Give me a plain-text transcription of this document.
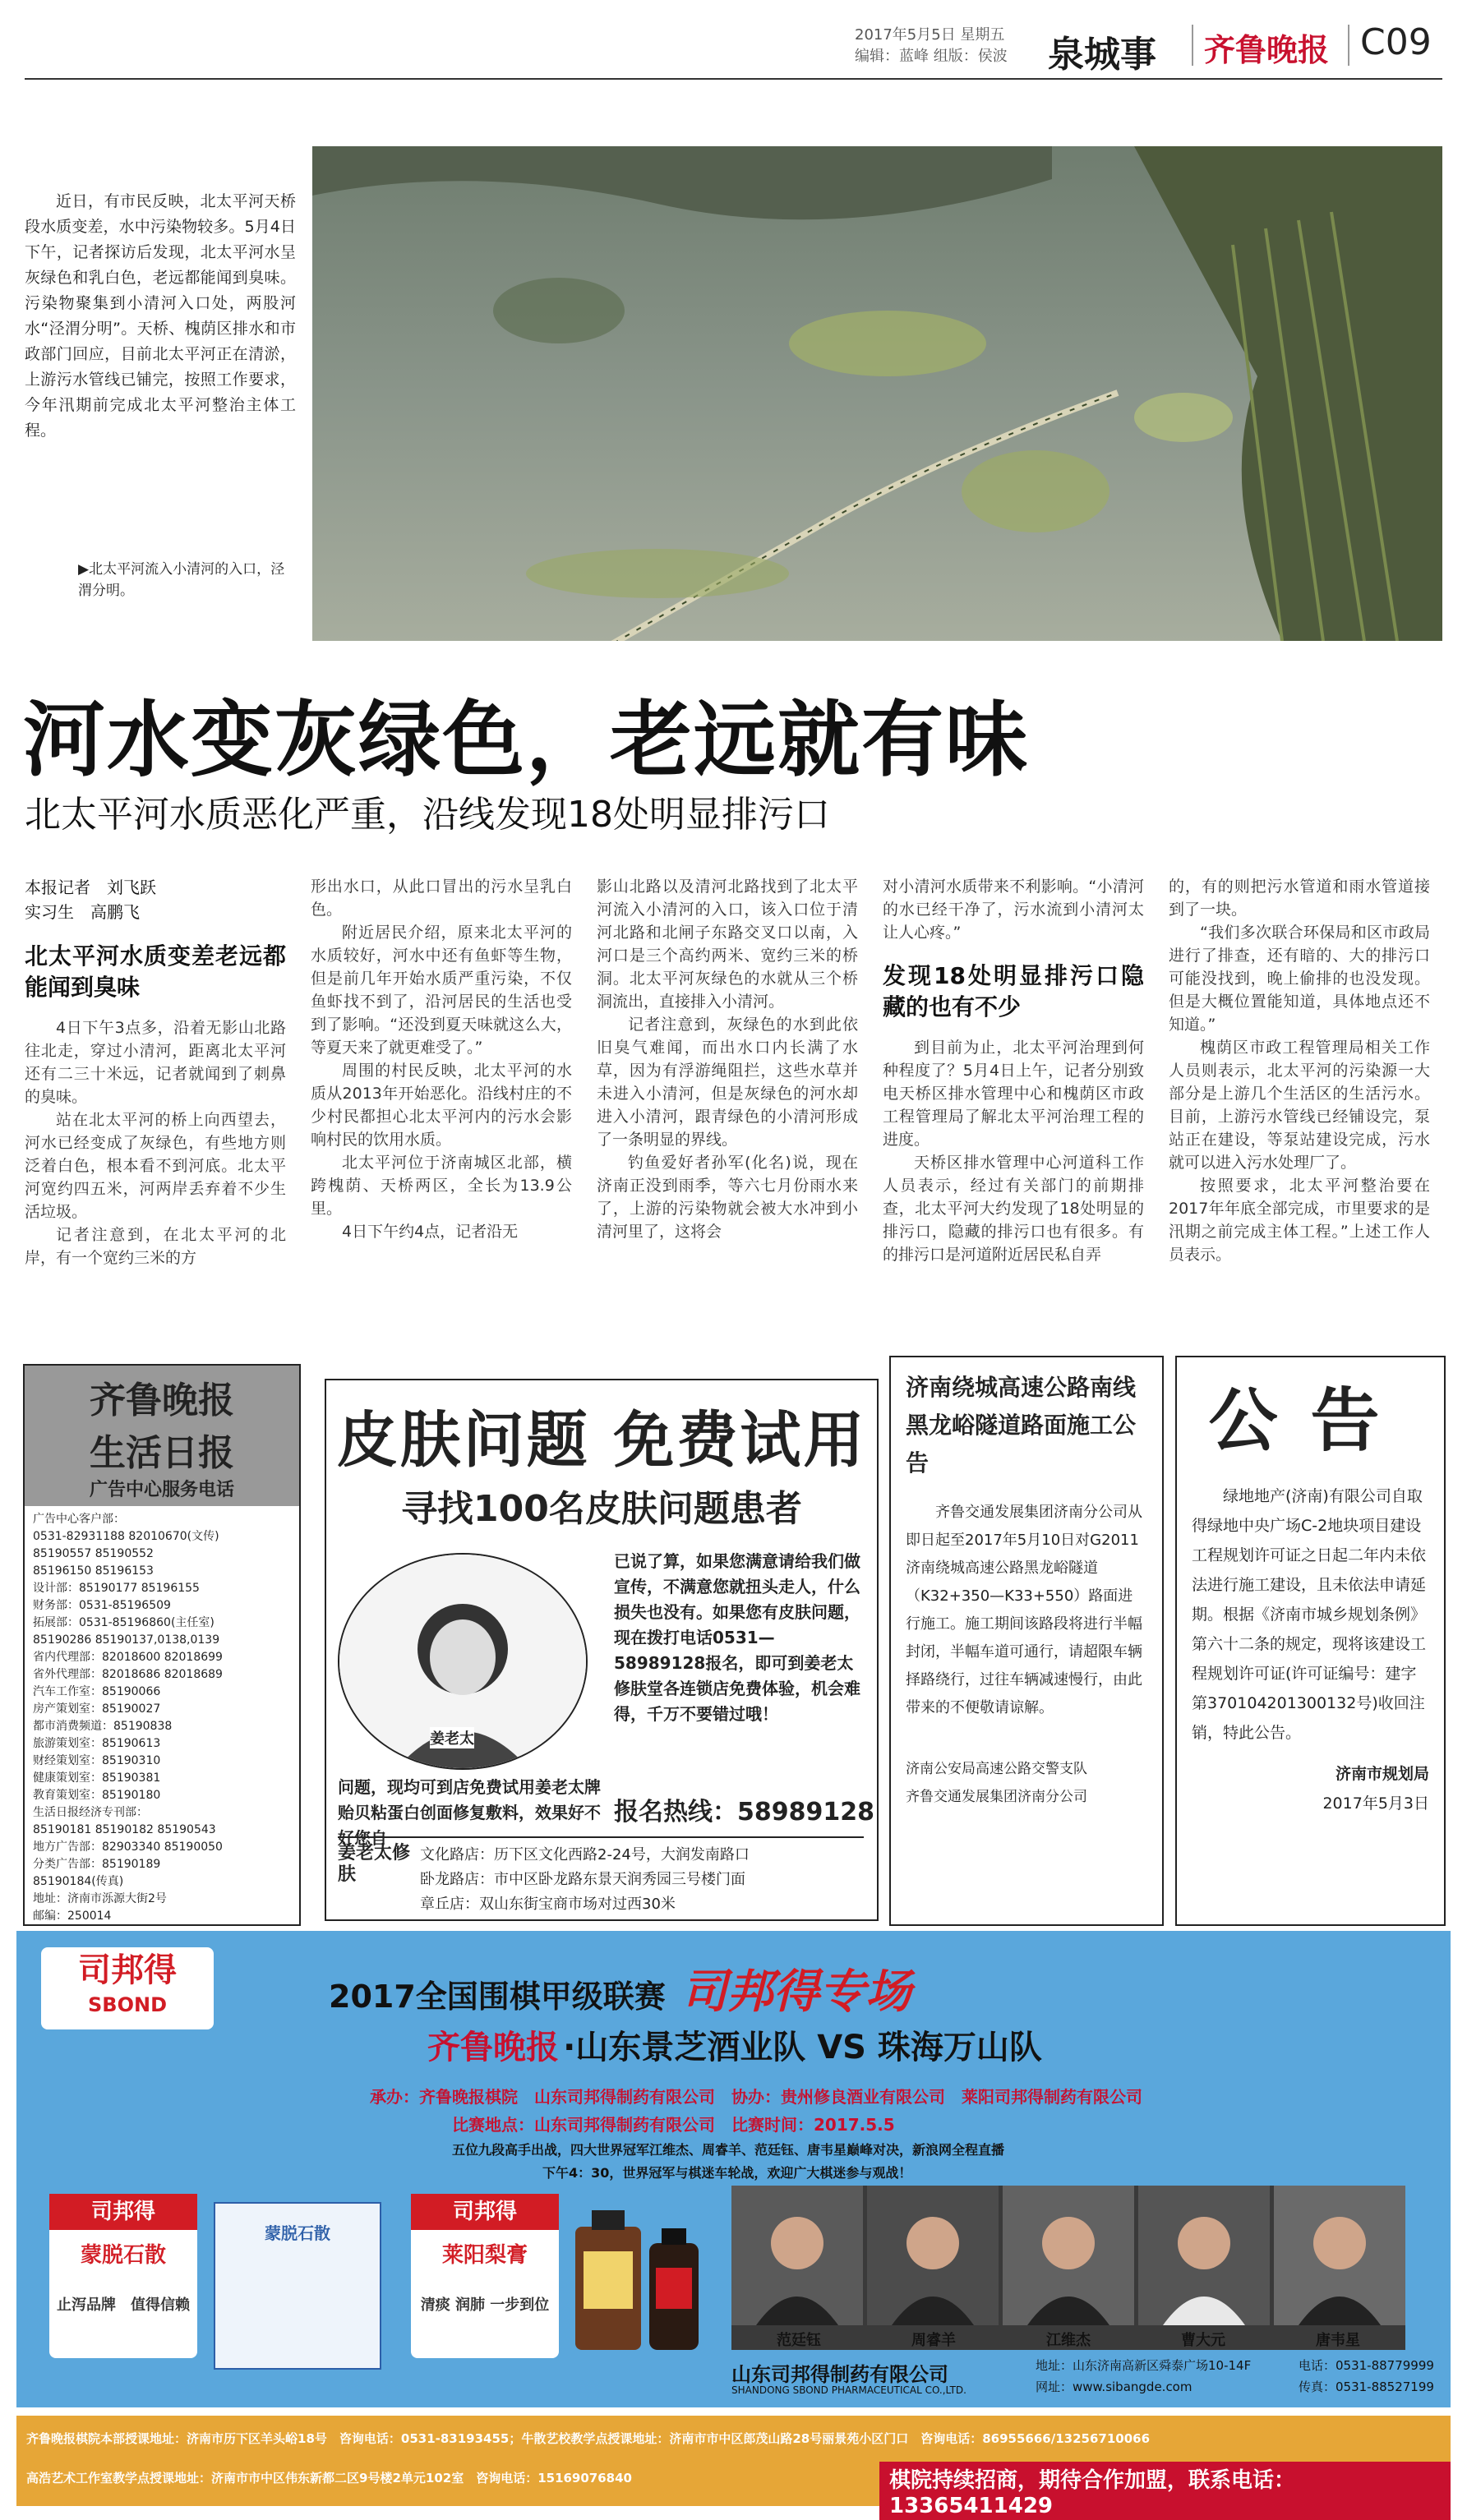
2017年5月5日 星期五
编辑：蓝峰 组版：侯波 泉城事 齐鲁晚报 C09
近日，有市民反映，北太平河天桥段水质变差，水中污染物较多。5月4日下午，记者探访后发现，北太平河水呈灰绿色和乳白色，老远都能闻到臭味。污染物聚集到小清河入口处，两股河水“泾渭分明”。天桥、槐荫区排水和市政部门回应，目前北太平河正在清淤，上游污水管线已铺完，按照工作要求，今年汛期前完成北太平河整治主体工程。
▶北太平河流入小清河的入口，泾渭分明。
河水变灰绿色，老远就有味
北太平河水质恶化严重，沿线发现18处明显排污口
本报记者　刘飞跃
实习生　高鹏飞

北太平河水质变差老远都能闻到臭味

4日下午3点多，沿着无影山北路往北走，穿过小清河，距离北太平河还有二三十米远，记者就闻到了刺鼻的臭味。

站在北太平河的桥上向西望去，河水已经变成了灰绿色，有些地方则泛着白色，根本看不到河底。北太平河宽约四五米，河两岸丢弃着不少生活垃圾。

记者注意到，在北太平河的北岸，有一个宽约三米的方

形出水口，从此口冒出的污水呈乳白色。

附近居民介绍，原来北太平河的水质较好，河水中还有鱼虾等生物，但是前几年开始水质严重污染，不仅鱼虾找不到了，沿河居民的生活也受到了影响。“还没到夏天味就这么大，等夏天来了就更难受了。”

周围的村民反映，北太平河的水质从2013年开始恶化。沿线村庄的不少村民都担心北太平河内的污水会影响村民的饮用水质。

北太平河位于济南城区北部，横跨槐荫、天桥两区，全长为13.9公里。

4日下午约4点，记者沿无

影山北路以及清河北路找到了北太平河流入小清河的入口，该入口位于清河北路和北闸子东路交叉口以南，入河口是三个高约两米、宽约三米的桥洞。北太平河灰绿色的水就从三个桥洞流出，直接排入小清河。

记者注意到，灰绿色的水到此依旧臭气难闻，而出水口内长满了水草，因为有浮游绳阻拦，这些水草并未进入小清河，但是灰绿色的河水却进入小清河，跟青绿色的小清河形成了一条明显的界线。

钓鱼爱好者孙军(化名)说，现在济南正没到雨季，等六七月份雨水来了，上游的污染物就会被大水冲到小清河里了，这将会

对小清河水质带来不利影响。“小清河的水已经干净了，污水流到小清河太让人心疼。”

发现18处明显排污口隐藏的也有不少

到目前为止，北太平河治理到何种程度了？5月4日上午，记者分别致电天桥区排水管理中心和槐荫区市政工程管理局了解北太平河治理工程的进度。

天桥区排水管理中心河道科工作人员表示，经过有关部门的前期排查，北太平河大约发现了18处明显的排污口，隐藏的排污口也有很多。有的排污口是河道附近居民私自弄

的，有的则把污水管道和雨水管道接到了一块。

“我们多次联合环保局和区市政局进行了排查，还有暗的、大的排污口可能没找到，晚上偷排的也没发现。但是大概位置能知道，具体地点还不知道。”

槐荫区市政工程管理局相关工作人员则表示，北太平河的污染源一大部分是上游几个生活区的生活污水。目前，上游污水管线已经铺设完，泵站正在建设，等泵站建设完成，污水就可以进入污水处理厂了。

按照要求，北太平河整治要在2017年年底全部完成，市里要求的是汛期之前完成主体工程。”上述工作人员表示。

齐鲁晚报
生活日报
广告中心服务电话
广告中心客户部：
0531-82931188 82010670(文传)
85190557 85190552
85196150 85196153
设计部：85190177 85196155
财务部：0531-85196509
拓展部：0531-85196860(主任室)
85190286 85190137,0138,0139
省内代理部：82018600 82018699
省外代理部：82018686 82018689
汽车工作室：85190066
房产策划室：85190027
都市消费频道：85190838
旅游策划室：85190613
财经策划室：85190310
健康策划室：85190381
教育策划室：85190180
生活日报经济专刊部：
85190181 85190182 85190543
地方广告部：82903340 85190050
分类广告部：85190189
85190184(传真)
地址：济南市泺源大街2号
邮编：250014
皮肤问题 免费试用
寻找100名皮肤问题患者
姜老太
已说了算，如果您满意请给我们做宣传，不满意您就扭头走人，什么损失也没有。如果您有皮肤问题，现在拨打电话0531—58989128报名，即可到姜老太修肤堂各连锁店免费体验，机会难得，千万不要错过哦！
问题，现均可到店免费试用姜老太牌贻贝粘蛋白创面修复敷料，效果好不好您自
报名热线：58989128
姜老太修肤
文化路店：历下区文化西路2-24号，大润发南路口
卧龙路店：市中区卧龙路东景天润秀园三号楼门面
章丘店：双山东街宝商市场对过西30米
济南绕城高速公路南线
黑龙峪隧道路面施工公告
齐鲁交通发展集团济南分公司从即日起至2017年5月10日对G2011济南绕城高速公路黑龙峪隧道（K32+350—K33+550）路面进行施工。施工期间该路段将进行半幅封闭，半幅车道可通行，请超限车辆择路绕行，过往车辆减速慢行，由此带来的不便敬请谅解。
济南公安局高速公路交警支队
齐鲁交通发展集团济南分公司
公告
绿地地产(济南)有限公司自取得绿地中央广场C-2地块项目建设工程规划许可证之日起二年内未依法进行施工建设，且未依法申请延期。根据《济南市城乡规划条例》第六十二条的规定，现将该建设工程规划许可证(许可证编号：建字第370104201300132号)收回注销，特此公告。
济南市规划局
2017年5月3日
司邦得
SBOND	2017全国围棋甲级联赛 司邦得专场
齐鲁晚报 ·山东景芝酒业队 VS 珠海万山队
承办：齐鲁晚报棋院　山东司邦得制药有限公司　协办：贵州修良酒业有限公司　莱阳司邦得制药有限公司
比赛地点：山东司邦得制药有限公司　比赛时间：2017.5.5
五位九段高手出战，四大世界冠军江维杰、周睿羊、范廷钰、唐韦星巅峰对决，新浪网全程直播
下午4：30，世界冠军与棋迷车轮战，欢迎广大棋迷参与观战！
司邦得
蒙脱石散
止泻品牌　值得信赖
蒙脱石散
司邦得
莱阳梨膏
清痰 润肺 一步到位
范廷钰	周睿羊	江维杰	曹大元	唐韦星
山东司邦得制药有限公司
SHANDONG SBOND PHARMACEUTICAL CO.,LTD.
地址：山东济南高新区舜泰广场10-14F
网址：www.sibangde.com
电话：0531-88779999
传真：0531-88527199
齐鲁晚报棋院本部授课地址：济南市历下区羊头峪18号　咨询电话：0531-83193455；牛散艺校教学点授课地址：济南市市中区郎茂山路28号丽景苑小区门口　咨询电话：86955666/13256710066
高浩艺术工作室教学点授课地址：济南市市中区伟东新都二区9号楼2单元102室　咨询电话：15169076840	棋院持续招商，期待合作加盟，联系电话：13365411429
